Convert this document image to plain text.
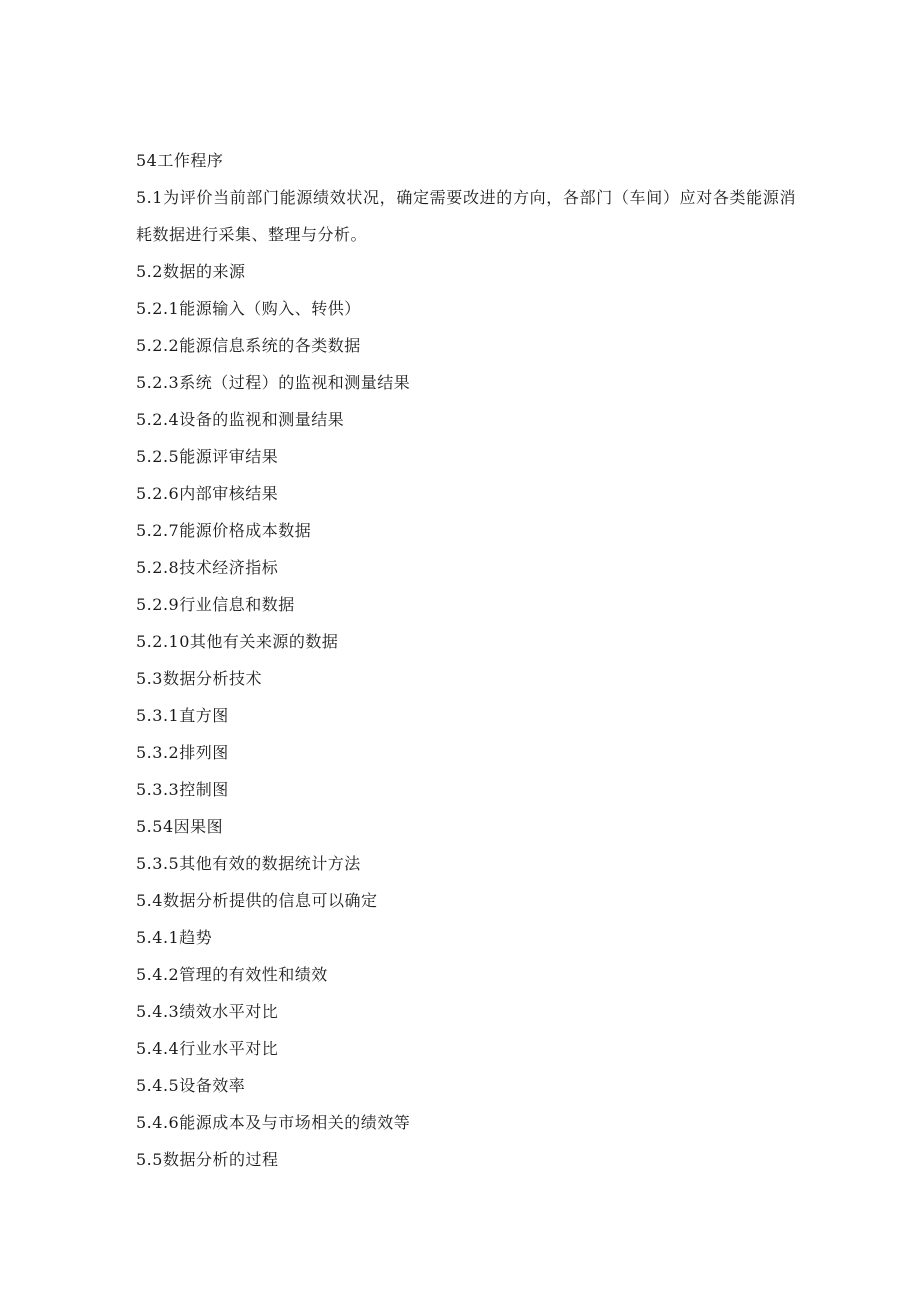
54工作程序
5.1为评价当前部门能源绩效状况，确定需要改进的方向，各部门（车间）应对各类能源消耗数据进行采集、整理与分析。
5.2数据的来源
5.2.1能源输入（购入、转供）
5.2.2能源信息系统的各类数据
5.2.3系统（过程）的监视和测量结果
5.2.4设备的监视和测量结果
5.2.5能源评审结果
5.2.6内部审核结果
5.2.7能源价格成本数据
5.2.8技术经济指标
5.2.9行业信息和数据
5.2.10其他有关来源的数据
5.3数据分析技术
5.3.1直方图
5.3.2排列图
5.3.3控制图
5.54因果图
5.3.5其他有效的数据统计方法
5.4数据分析提供的信息可以确定
5.4.1趋势
5.4.2管理的有效性和绩效
5.4.3绩效水平对比
5.4.4行业水平对比
5.4.5设备效率
5.4.6能源成本及与市场相关的绩效等
5.5数据分析的过程
